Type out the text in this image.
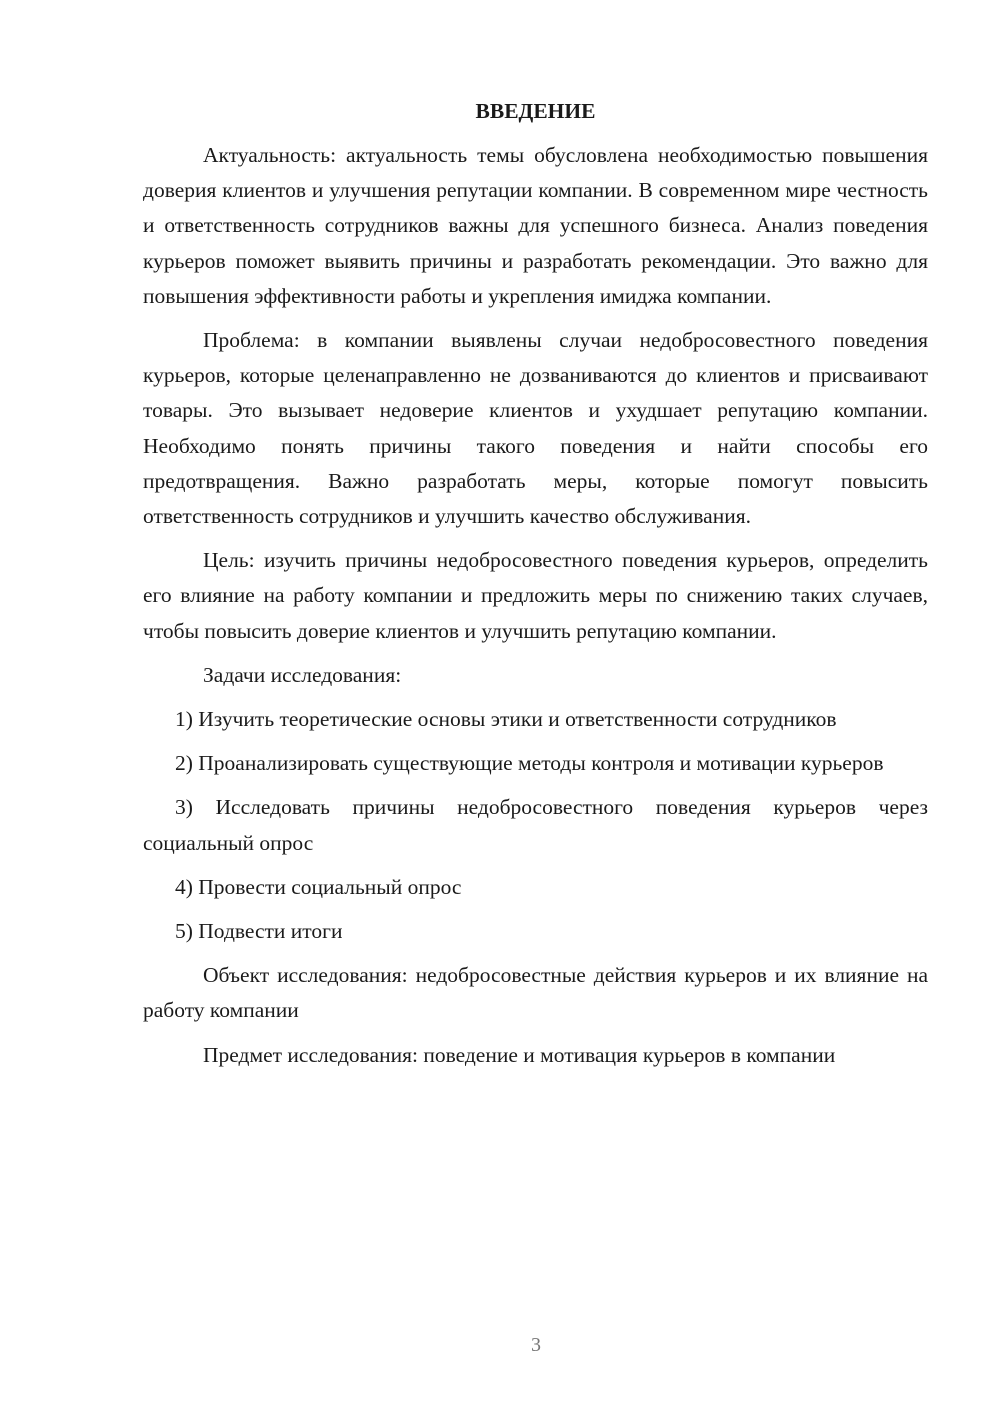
ВВЕДЕНИЕ

Актуальность: актуальность темы обусловлена необходимостью повышения доверия клиентов и улучшения репутации компании. В современном мире честность и ответственность сотрудников важны для успешного бизнеса. Анализ поведения курьеров поможет выявить причины и разработать рекомендации. Это важно для повышения эффективности работы и укрепления имиджа компании.

Проблема: в компании выявлены случаи недобросовестного поведения курьеров, которые целенаправленно не дозваниваются до клиентов и присваивают товары. Это вызывает недоверие клиентов и ухудшает репутацию компании. Необходимо понять причины такого поведения и найти способы его предотвращения. Важно разработать меры, которые помогут повысить ответственность сотрудников и улучшить качество обслуживания.

Цель: изучить причины недобросовестного поведения курьеров, определить его влияние на работу компании и предложить меры по снижению таких случаев, чтобы повысить доверие клиентов и улучшить репутацию компании.

Задачи исследования:

1) Изучить теоретические основы этики и ответственности сотрудников

2) Проанализировать существующие методы контроля и мотивации курьеров

3) Исследовать причины недобросовестного поведения курьеров через социальный опрос

4) Провести социальный опрос

5) Подвести итоги

Объект исследования: недобросовестные действия курьеров и их влияние на работу компании

Предмет исследования: поведение и мотивация курьеров в компании

3
